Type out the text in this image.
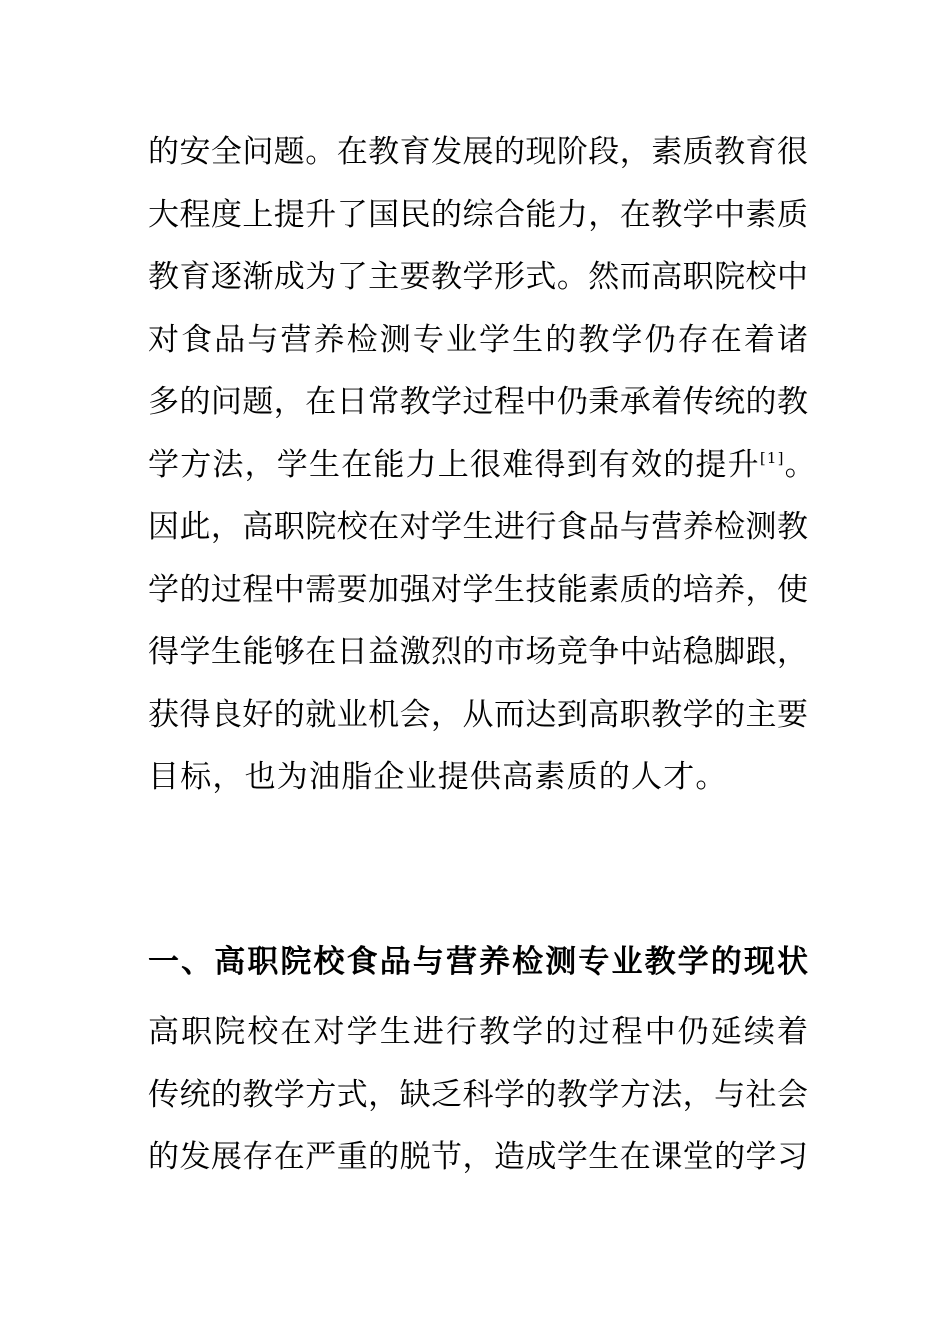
的安全问题。在教育发展的现阶段，素质教育很
大程度上提升了国民的综合能力，在教学中素质
教育逐渐成为了主要教学形式。然而高职院校中
对食品与营养检测专业学生的教学仍存在着诸
多的问题，在日常教学过程中仍秉承着传统的教
学方法，学生在能力上很难得到有效的提升[1]。
因此，高职院校在对学生进行食品与营养检测教
学的过程中需要加强对学生技能素质的培养，使
得学生能够在日益激烈的市场竞争中站稳脚跟，
获得良好的就业机会，从而达到高职教学的主要
目标，也为油脂企业提供高素质的人才。
一、高职院校食品与营养检测专业教学的现状
高职院校在对学生进行教学的过程中仍延续着
传统的教学方式，缺乏科学的教学方法，与社会
的发展存在严重的脱节，造成学生在课堂的学习
